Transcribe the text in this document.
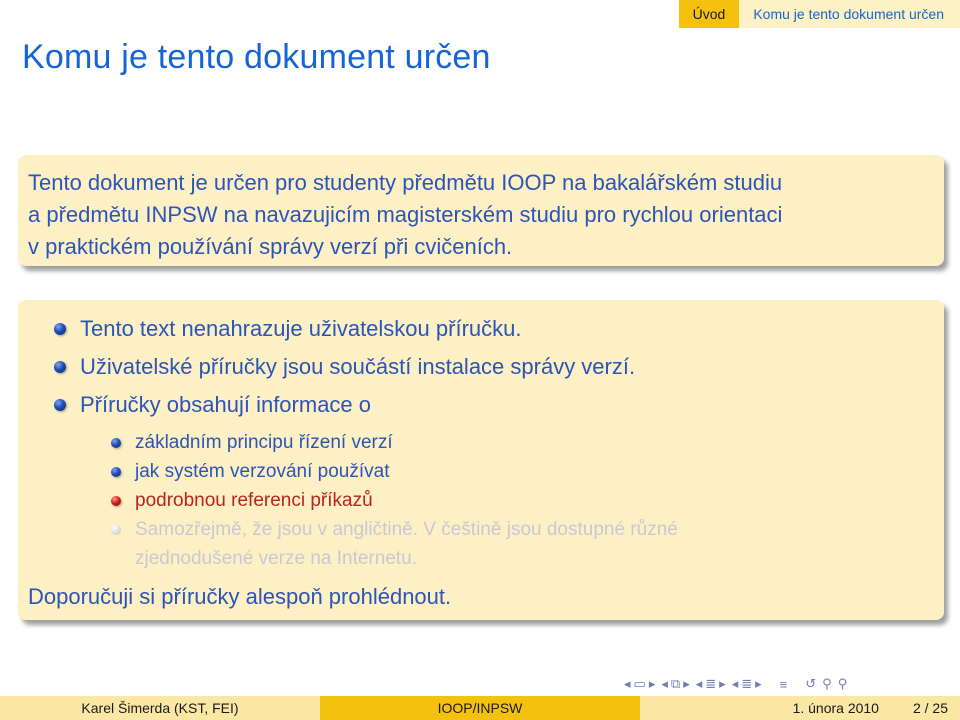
Úvod	Komu je tento dokument určen
Komu je tento dokument určen
Tento dokument je určen pro studenty předmětu IOOP na bakalářském studiu
a předmětu INPSW na navazujicím magisterském studiu pro rychlou orientaci
v praktickém používání správy verzí při cvičeních.
Tento text nenahrazuje uživatelskou příručku.
Uživatelské příručky jsou součástí instalace správy verzí.
Příručky obsahují informace o
základním principu řízení verzí
jak systém verzování používat
podrobnou referenci příkazů
Samozřejmě, že jsou v angličtině. V češtině jsou dostupné různé
zjednodušené verze na Internetu.
Doporučuji si příručky alespoň prohlédnout.
◂ ▭ ▸ ◂ ⧉ ▸ ◂ ≣ ▸ ◂ ≣ ▸ ≡ ↺ ⚲ ⚲
Karel Šimerda (KST, FEI)	IOOP/INPSW	1. února 2010 2 / 25
